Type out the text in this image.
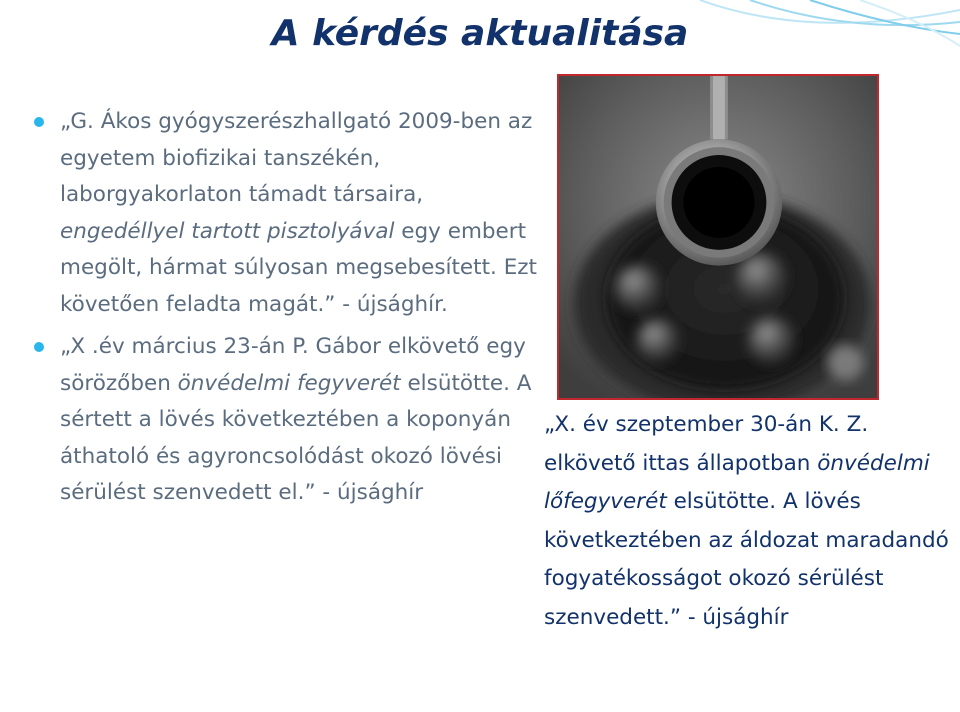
A kérdés aktualitása

„G. Ákos gyógyszerészhallgató 2009-ben az egyetem biofizikai tanszékén, laborgyakorlaton támadt társaira, engedéllyel tartott pisztolyával egy embert megölt, hármat súlyosan megsebesített. Ezt követően feladta magát.” - újsághír.

„X .év március 23-án P. Gábor elkövető egy sörözőben önvédelmi fegyverét elsütötte. A sértett a lövés következtében a koponyán áthatoló és agyroncsolódást okozó lövési sérülést szenvedett el.” - újsághír

„X. év szeptember 30-án K. Z. elkövető ittas állapotban önvédelmi lőfegyverét elsütötte. A lövés következtében az áldozat maradandó fogyatékosságot okozó sérülést szenvedett.” - újsághír
